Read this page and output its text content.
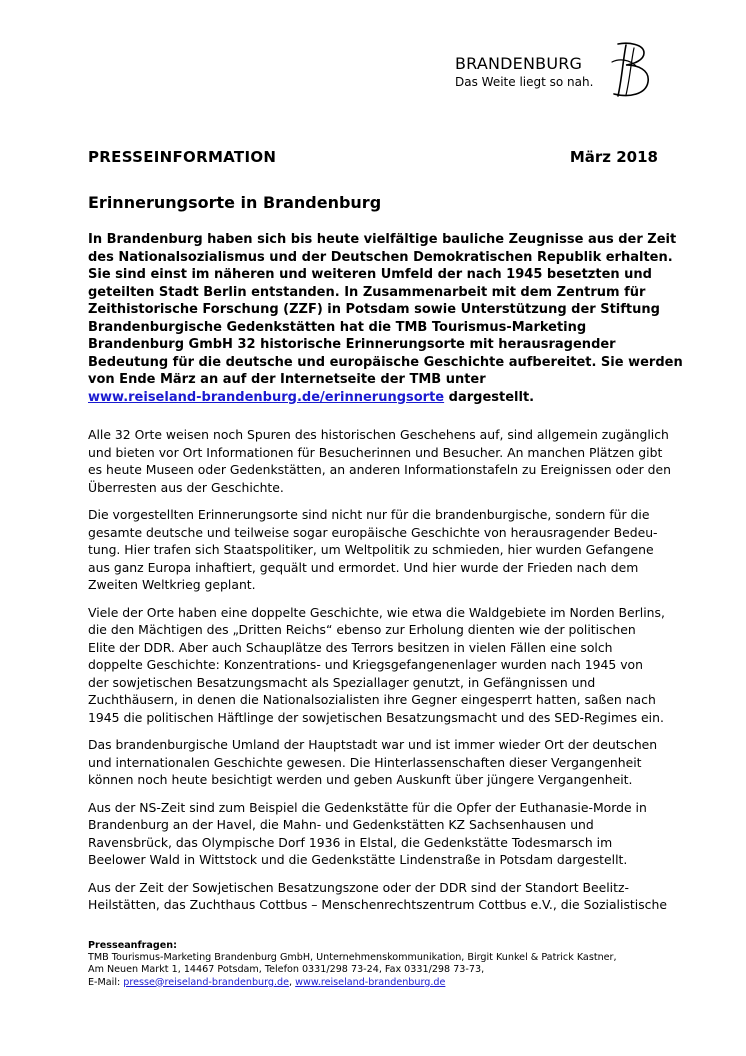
BRANDENBURG
Das Weite liegt so nah.
PRESSEINFORMATION	März 2018
Erinnerungsorte in Brandenburg
In Brandenburg haben sich bis heute vielfältige bauliche Zeugnisse aus der Zeit
des Nationalsozialismus und der Deutschen Demokratischen Republik erhalten.
Sie sind einst im näheren und weiteren Umfeld der nach 1945 besetzten und
geteilten Stadt Berlin entstanden. In Zusammenarbeit mit dem Zentrum für
Zeithistorische Forschung (ZZF) in Potsdam sowie Unterstützung der Stiftung
Brandenburgische Gedenkstätten hat die TMB Tourismus-Marketing
Brandenburg GmbH 32 historische Erinnerungsorte mit herausragender
Bedeutung für die deutsche und europäische Geschichte aufbereitet. Sie werden
von Ende März an auf der Internetseite der TMB unter
www.reiseland-brandenburg.de/erinnerungsorte dargestellt.
Alle 32 Orte weisen noch Spuren des historischen Geschehens auf, sind allgemein zugänglich
und bieten vor Ort Informationen für Besucherinnen und Besucher. An manchen Plätzen gibt
es heute Museen oder Gedenkstätten, an anderen Informationstafeln zu Ereignissen oder den
Überresten aus der Geschichte.
Die vorgestellten Erinnerungsorte sind nicht nur für die brandenburgische, sondern für die
gesamte deutsche und teilweise sogar europäische Geschichte von herausragender Bedeu-
tung. Hier trafen sich Staatspolitiker, um Weltpolitik zu schmieden, hier wurden Gefangene
aus ganz Europa inhaftiert, gequält und ermordet. Und hier wurde der Frieden nach dem
Zweiten Weltkrieg geplant.
Viele der Orte haben eine doppelte Geschichte, wie etwa die Waldgebiete im Norden Berlins,
die den Mächtigen des „Dritten Reichs“ ebenso zur Erholung dienten wie der politischen
Elite der DDR. Aber auch Schauplätze des Terrors besitzen in vielen Fällen eine solch
doppelte Geschichte: Konzentrations- und Kriegsgefangenenlager wurden nach 1945 von
der sowjetischen Besatzungsmacht als Speziallager genutzt, in Gefängnissen und
Zuchthäusern, in denen die Nationalsozialisten ihre Gegner eingesperrt hatten, saßen nach
1945 die politischen Häftlinge der sowjetischen Besatzungsmacht und des SED-Regimes ein.
Das brandenburgische Umland der Hauptstadt war und ist immer wieder Ort der deutschen
und internationalen Geschichte gewesen. Die Hinterlassenschaften dieser Vergangenheit
können noch heute besichtigt werden und geben Auskunft über jüngere Vergangenheit.
Aus der NS-Zeit sind zum Beispiel die Gedenkstätte für die Opfer der Euthanasie-Morde in
Brandenburg an der Havel, die Mahn- und Gedenkstätten KZ Sachsenhausen und
Ravensbrück, das Olympische Dorf 1936 in Elstal, die Gedenkstätte Todesmarsch im
Beelower Wald in Wittstock und die Gedenkstätte Lindenstraße in Potsdam dargestellt.
Aus der Zeit der Sowjetischen Besatzungszone oder der DDR sind der Standort Beelitz-
Heilstätten, das Zuchthaus Cottbus – Menschenrechtszentrum Cottbus e.V., die Sozialistische
Presseanfragen:
TMB Tourismus-Marketing Brandenburg GmbH, Unternehmenskommunikation, Birgit Kunkel & Patrick Kastner,
Am Neuen Markt 1, 14467 Potsdam, Telefon 0331/298 73-24, Fax 0331/298 73-73,
E-Mail: presse@reiseland-brandenburg.de, www.reiseland-brandenburg.de
